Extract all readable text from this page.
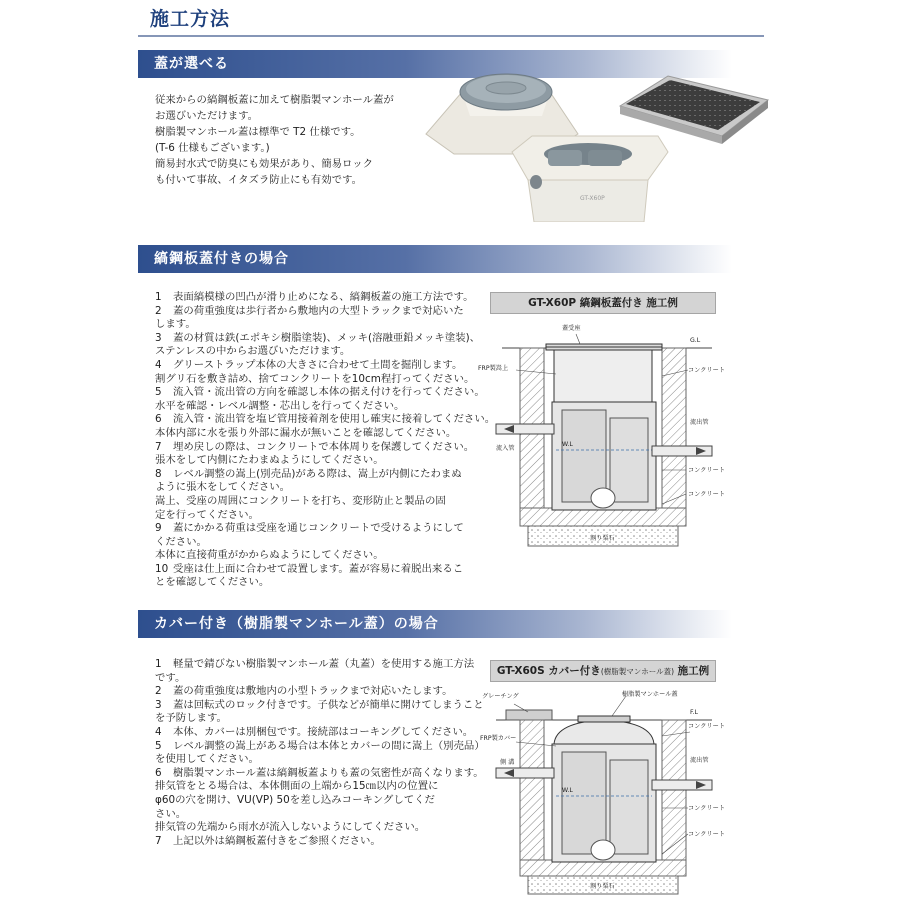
施工方法
蓋が選べる
従来からの縞鋼板蓋に加えて樹脂製マンホール蓋が
お選びいただけます。
樹脂製マンホール蓋は標準で T2 仕様です。
(T-6 仕様もございます。)
簡易封水式で防臭にも効果があり、簡易ロック
も付いて事故、イタズラ防止にも有効です。
GT-X60P
縞鋼板蓋付きの場合
1	表面縞模様の凹凸が滑り止めになる、縞鋼板蓋の施工方法です。
2	蓋の荷重強度は歩行者から敷地内の大型トラックまで対応いた
します。
3	蓋の材質は鉄(エポキシ樹脂塗装)、メッキ(溶融亜鉛メッキ塗装)、
ステンレスの中からお選びいただけます。
4	グリーストラップ本体の大きさに合わせて土間を掘削します。
割グリ石を敷き詰め、捨てコンクリートを10cm程打ってください。
5	流入管・流出管の方向を確認し本体の据え付けを行ってください。
水平を確認・レベル調整・芯出しを行ってください。
6	流入管・流出管を塩ビ管用接着剤を使用し確実に接着してください。
本体内部に水を張り外部に漏水が無いことを確認してください。
7	埋め戻しの際は、コンクリートで本体周りを保護してください。
張木をして内側にたわまぬようにしてください。
8	レベル調整の嵩上(別売品)がある際は、嵩上が内側にたわまぬ
ように張木をしてください。
嵩上、受座の周囲にコンクリートを打ち、変形防止と製品の固
定を行ってください。
9	蓋にかかる荷重は受座を通じコンクリートで受けるようにして
ください。
本体に直接荷重がかからぬようにしてください。
10 受座は仕上面に合わせて設置します。蓋が容易に着脱出来るこ
とを確認してください。
GT-X60P 縞鋼板蓋付き 施工例
蓋受座
G.L
FRP製嵩上	コンクリート
流出管
流入管
W.L
コンクリート
コンクリート
割り栗石
カバー付き（樹脂製マンホール蓋）の場合
1	軽量で錆びない樹脂製マンホール蓋（丸蓋）を使用する施工方法
です。
2	蓋の荷重強度は敷地内の小型トラックまで対応いたします。
3	蓋は回転式のロック付きです。子供などが簡単に開けてしまうこと
を予防します。
4	本体、カバーは別梱包です。接続部はコーキングしてください。
5	レベル調整の嵩上がある場合は本体とカバーの間に嵩上（別売品）
を使用してください。
6	樹脂製マンホール蓋は縞鋼板蓋よりも蓋の気密性が高くなります。
排気管をとる場合は、本体側面の上端から15㎝以内の位置に
φ60の穴を開け、VU(VP) 50を差し込みコーキングしてくだ
さい。
排気管の先端から雨水が流入しないようにしてください。
7	上記以外は縞鋼板蓋付きをご参照ください。
GT-X60S カバー付き(樹脂製マンホール蓋) 施工例
グレーチング	樹脂製マンホール蓋
F.L
コンクリート
FRP製カバー
側 溝	流出管
W.L
コンクリート
コンクリート
割り栗石
